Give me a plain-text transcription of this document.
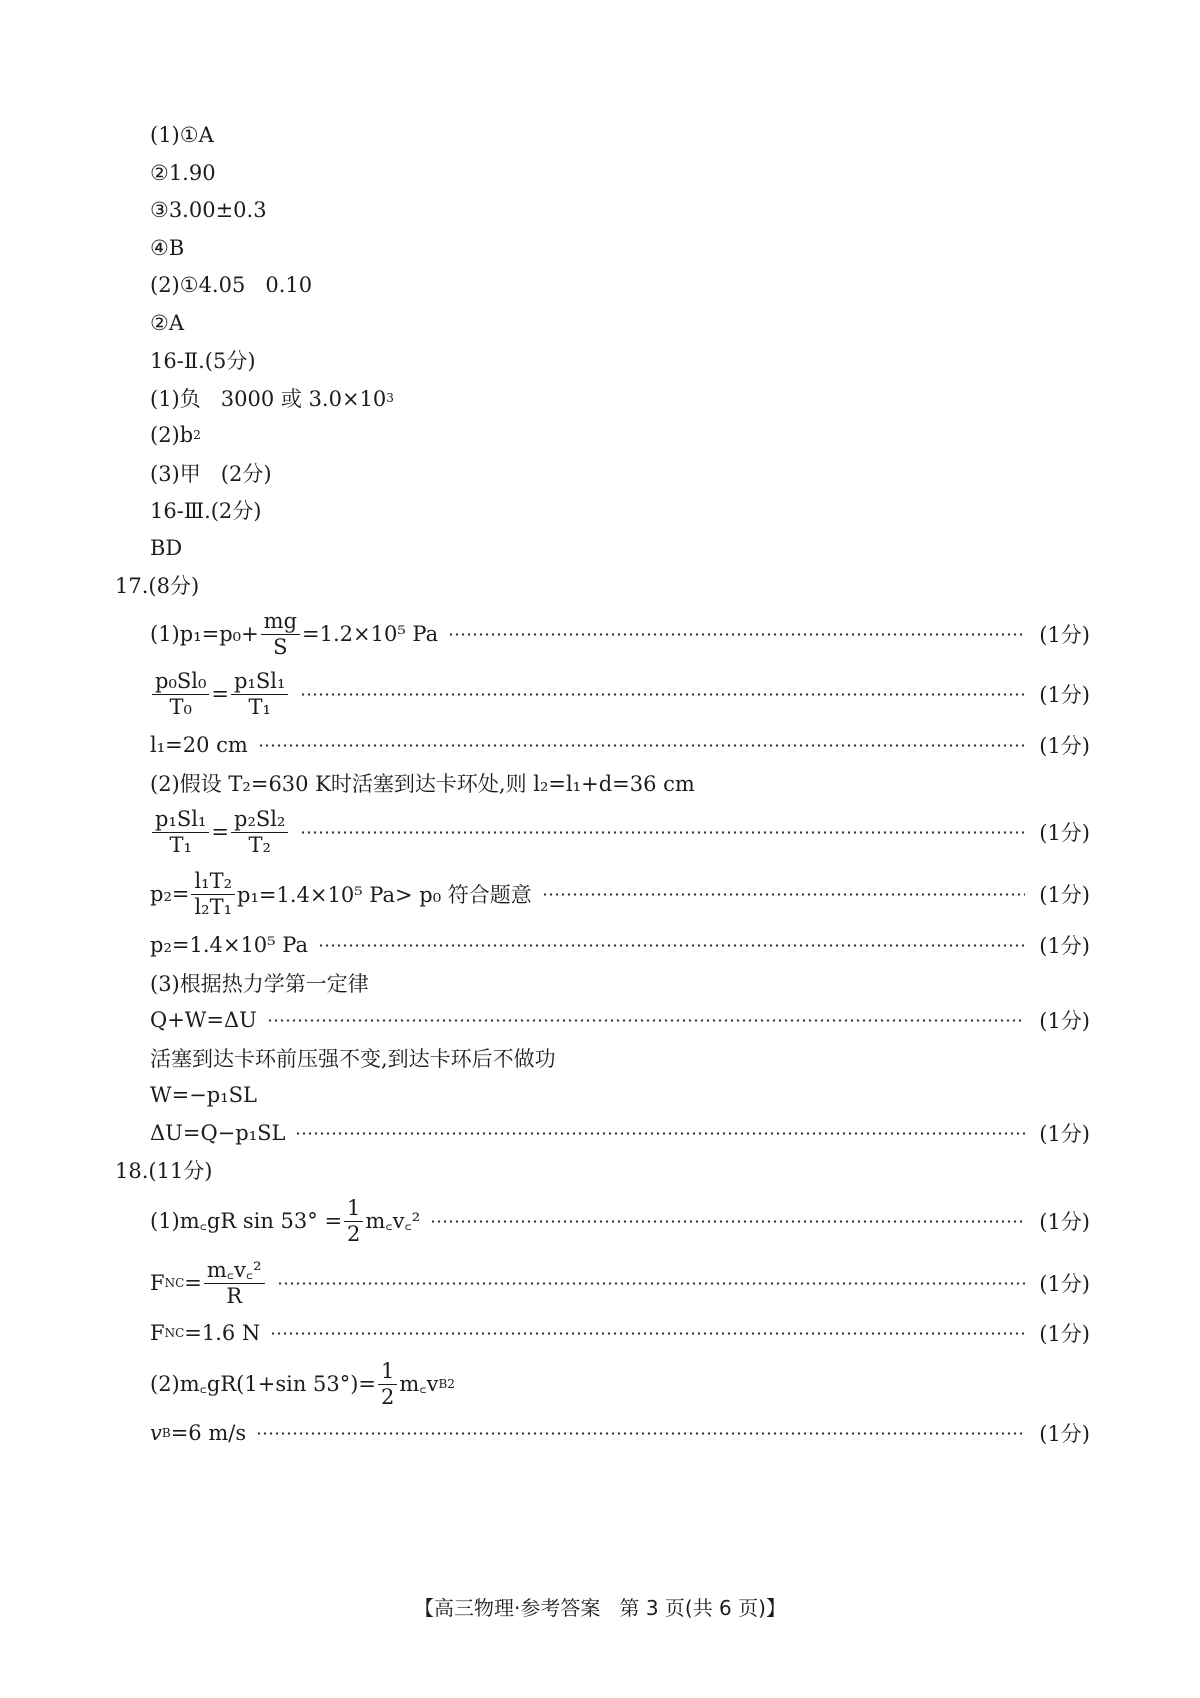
(1)①A
②1.90
③3.00±0.3
④B
(2)①4.05   0.10
②A
16-Ⅱ.(5分)
(1)负   3000 或 3.0×10 3
(2)b 2
(3)甲   (2分)
16-Ⅲ.(2分)
BD
17.(8分)
$(1)p_1=p_0+ \frac{mg}{S} =1.2\times 10^5$ Pa	(1分)
$\frac{\text{p₀Sl₀}}{\text{T₀}} = \frac{\text{p₁Sl₁}}{\text{T₁}}$	(1分)
l₁=20 cm	(1分)
(2)假设 T₂=630 K时活塞到达卡环处,则 l₂=l₁+d=36 cm
$\frac{\text{p₁Sl₁}}{\text{T₁}} = \frac{\text{p₂Sl₂}}{\text{T₂}}$	(1分)
$p_2= \frac{\text{l₁T₂}}{\text{l₂T₁}} p_1=1.4\times 10^5$ Pa> p₀ 符合题意	(1分)
p₂=1.4×10⁵ Pa	(1分)
(3)根据热力学第一定律
Q+W=ΔU	(1分)
活塞到达卡环前压强不变,到达卡环后不做功
W=−p₁SL
ΔU=Q−p₁SL	(1分)
18.(11分)
(1)m꜀gR $\sin 53^\circ = \frac{1}{2}$ m꜀v꜀²	(1分)
F NC = $\frac{\text{m꜀v꜀²}}{R}$	(1分)
F NC =1.6 N	(1分)
(2)m꜀gR(1+sin $53^\circ)= \frac{1}{2}$ m꜀v B 2
v B =6 m/s	(1分)
【高三物理·参考答案   第 3 页(共 6 页)】
